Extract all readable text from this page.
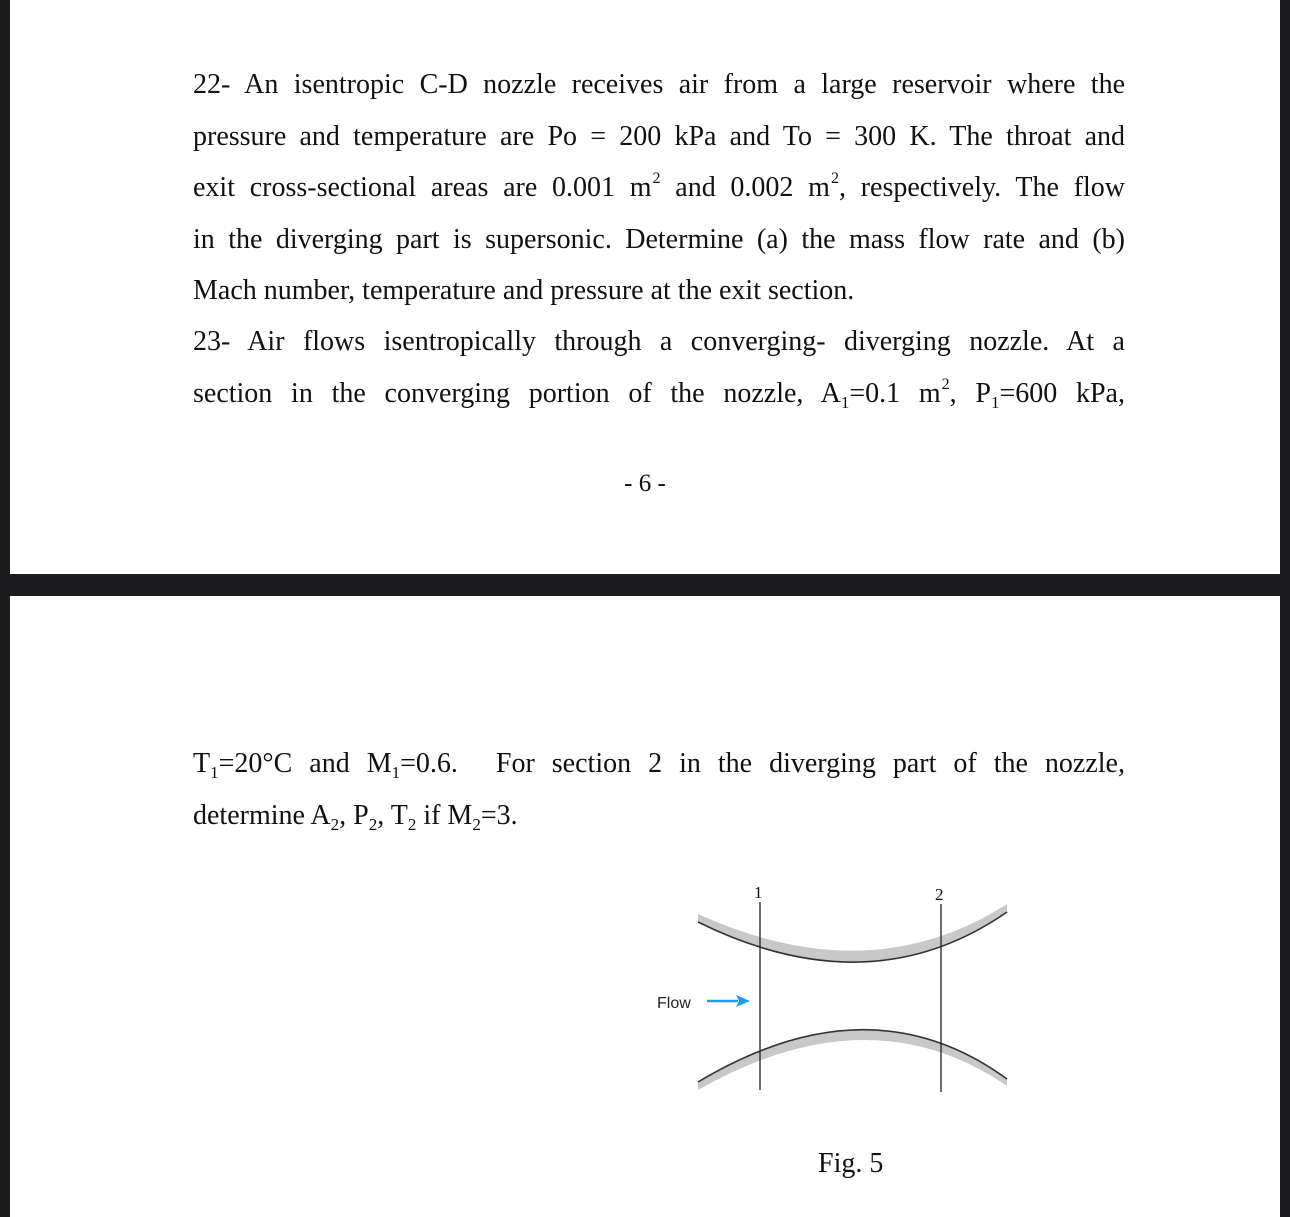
22- An isentropic C-D nozzle receives air from a large reservoir where the
pressure and temperature are Po = 200 kPa and To = 300 K. The throat and
exit cross-sectional areas are 0.001 $m^2$ and 0.002 $m^2$, respectively. The flow
in the diverging part is supersonic. Determine (a) the mass flow rate and (b)
Mach number, temperature and pressure at the exit section.
23- Air flows isentropically through a converging- diverging nozzle. At a
section in the converging portion of the nozzle, $A_1=0.1$ $m^2$, $P_1=600$ kPa,
- 6 -
$T_1=20^\circ C$ and $M_1=0.6$. For section 2 in the diverging part of the nozzle,
determine $A_2$, $P_2$, $T_2$ if $M_2=3$.
1	2
Flow
Fig. 5
